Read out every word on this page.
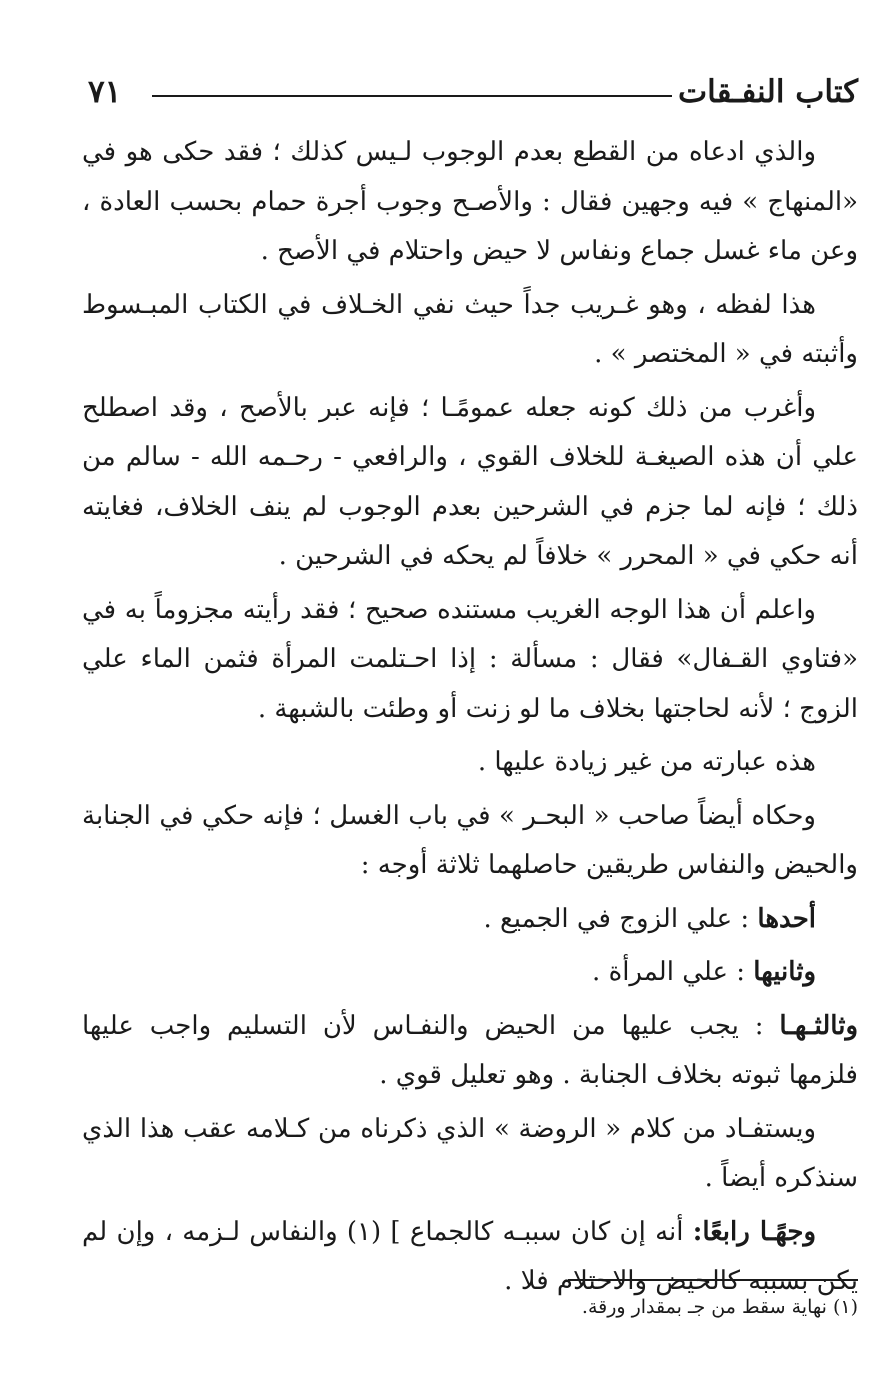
كتاب النفـقات
٧١

والذي ادعاه من القطع بعدم الوجوب لـيس كذلك ؛ فقد حكى هو في «المنهاج » فيه وجهين فقال : والأصـح وجوب أجرة حمام بحسب العادة ، وعن ماء غسل جماع ونفاس لا حيض واحتلام في الأصح .

هذا لفظه ، وهو غـريب جداً حيث نفي الخـلاف في الكتاب المبـسوط وأثبته في « المختصر » .

وأغرب من ذلك كونه جعله عمومًـا ؛ فإنه عبر بالأصح ، وقد اصطلح علي أن هذه الصيغـة للخلاف القوي ، والرافعي - رحـمه الله - سالم من ذلك ؛ فإنه لما جزم في الشرحين بعدم الوجوب لم ينف الخلاف، فغايته أنه حكي في « المحرر » خلافاً لم يحكه في الشرحين .

واعلم أن هذا الوجه الغريب مستنده صحيح ؛ فقد رأيته مجزوماً به في «فتاوي القـفال» فقال : مسألة : إذا احـتلمت المرأة فثمن الماء علي الزوج ؛ لأنه لحاجتها بخلاف ما لو زنت أو وطئت بالشبهة .

هذه عبارته من غير زيادة عليها .

وحكاه أيضاً صاحب « البحـر » في باب الغسل ؛ فإنه حكي في الجنابة والحيض والنفاس طريقين حاصلهما ثلاثة أوجه :

أحدها : علي الزوج في الجميع .

وثانيها : علي المرأة .

وثالثـهـا : يجب عليها من الحيض والنفـاس لأن التسليم واجب عليها فلزمها ثبوته بخلاف الجنابة . وهو تعليل قوي .

ويستفـاد من كلام « الروضة » الذي ذكرناه من كـلامه عقب هذا الذي سنذكره أيضاً .

وجهًـا رابعًا: أنه إن كان سببـه كالجماع ] (١) والنفاس لـزمه ، وإن لم يكن بسببه كالحيض والاحتلام فلا .

(١) نهاية سقط من جـ بمقدار ورقة.
